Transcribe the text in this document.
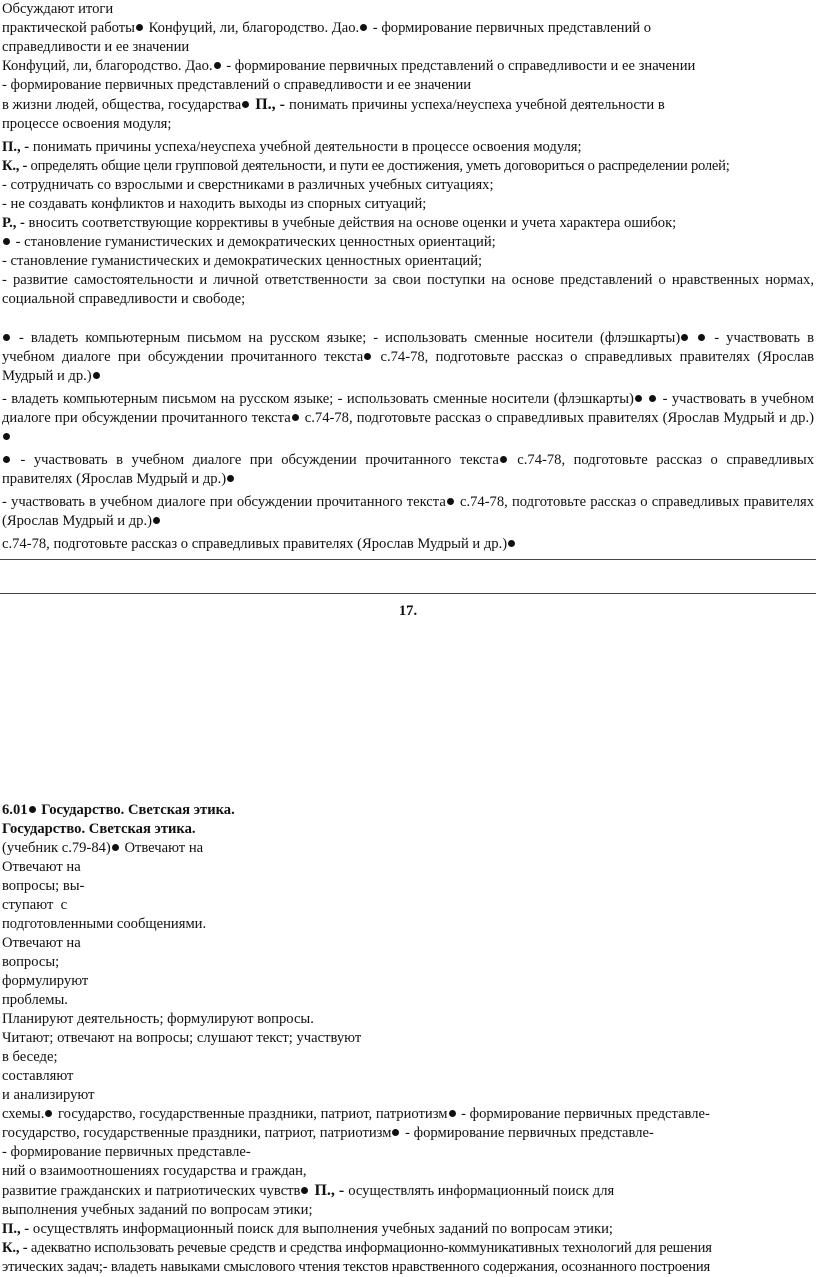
Обсуждают итоги
практической работы Конфуций, ли, благородство. Дао. - формирование первичных представлений о
справедливости и ее значении
Конфуций, ли, благородство. Дао. - формирование первичных представлений о справедливости и ее значении
- формирование первичных представлений о справедливости и ее значении
в жизни людей, общества, государства П., - понимать причины успеха/неуспеха учебной деятельности в
процессе освоения модуля;
П., - понимать причины успеха/неуспеха учебной деятельности в процессе освоения модуля;
К., - определять общие цели групповой деятельности, и пути ее достижения, уметь договориться о распределении ролей;
- сотрудничать со взрослыми и сверстниками в различных учебных ситуациях;
- не создавать конфликтов и находить выходы из спорных ситуаций;
Р., - вносить соответствующие коррективы в учебные действия на основе оценки и учета характера ошибок;
- становление гуманистических и демократических ценностных ориентаций;
- становление гуманистических и демократических ценностных ориентаций;
- развитие самостоятельности и личной ответственности за свои поступки на основе представлений о нравственных нормах, социальной справедливости и свободе;
- владеть компьютерным письмом на русском языке; - использовать сменные носители (флэшкарты)  - участвовать в учебном диалоге при обсуждении прочитанного текста с.74-78, подготовьте рассказ о справедливых правителях (Ярослав Мудрый и др.)
- владеть компьютерным письмом на русском языке; - использовать сменные носители (флэшкарты)  - участвовать в учебном диалоге при обсуждении прочитанного текста с.74-78, подготовьте рассказ о справедливых правителях (Ярослав Мудрый и др.)
- участвовать в учебном диалоге при обсуждении прочитанного текста с.74-78, подготовьте рассказ о справедливых правителях (Ярослав Мудрый и др.)
- участвовать в учебном диалоге при обсуждении прочитанного текста с.74-78, подготовьте рассказ о справедливых правителях (Ярослав Мудрый и др.)
с.74-78, подготовьте рассказ о справедливых правителях (Ярослав Мудрый и др.)
17.
6.01 Государство. Светская этика.
Государство. Светская этика.
(учебник с.79-84) Отвечают на
Отвечают на
вопросы; вы-
ступают  с
подготовленными сообщениями.
Отвечают на
вопросы;
формулируют
проблемы.
Планируют деятельность; формулируют вопросы.
Читают; отвечают на вопросы; слушают текст; участвуют
в беседе;
составляют
и анализируют
схемы. государство, государственные праздники, патриот, патриотизм - формирование первичных представле-
государство, государственные праздники, патриот, патриотизм - формирование первичных представле-
- формирование первичных представле-
ний о взаимоотношениях государства и граждан,
развитие гражданских и патриотических чувств П., - осуществлять информационный поиск для
выполнения учебных заданий по вопросам этики;
П., - осуществлять информационный поиск для выполнения учебных заданий по вопросам этики;
К., - адекватно использовать речевые средств и средства информационно-коммуникативных технологий для решения
этических задач;- владеть навыками смыслового чтения текстов нравственного содержания, осознанного построения
